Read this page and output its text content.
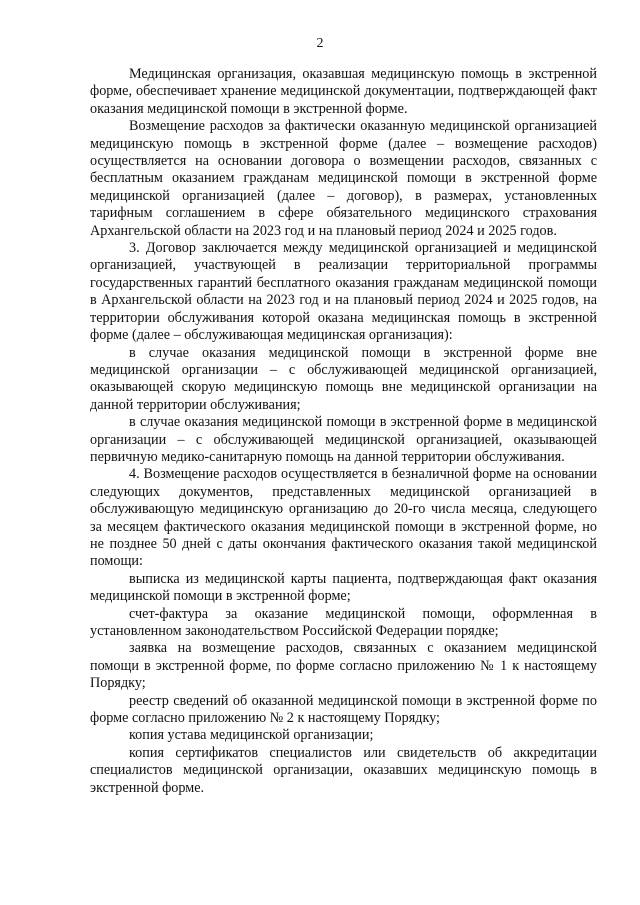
2

Медицинская организация, оказавшая медицинскую помощь в экстренной форме, обеспечивает хранение медицинской документации, подтверждающей факт оказания медицинской помощи в экстренной форме.

Возмещение расходов за фактически оказанную медицинской организацией медицинскую помощь в экстренной форме (далее – возмещение расходов) осуществляется на основании договора о возмещении расходов, связанных с бесплатным оказанием гражданам медицинской помощи в экстренной форме медицинской организацией (далее – договор), в размерах, установленных тарифным соглашением в сфере обязательного медицинского страхования Архангельской области на 2023 год и на плановый период 2024 и 2025 годов.

3. Договор заключается между медицинской организацией и медицинской организацией, участвующей в реализации территориальной программы государственных гарантий бесплатного оказания гражданам медицинской помощи в Архангельской области на 2023 год и на плановый период 2024 и 2025 годов, на территории обслуживания которой оказана медицинская помощь в экстренной форме (далее – обслуживающая медицинская организация):

в случае оказания медицинской помощи в экстренной форме вне медицинской организации – с обслуживающей медицинской организацией, оказывающей скорую медицинскую помощь вне медицинской организации на данной территории обслуживания;

в случае оказания медицинской помощи в экстренной форме в медицинской организации – с обслуживающей медицинской организацией, оказывающей первичную медико-санитарную помощь на данной территории обслуживания.

4. Возмещение расходов осуществляется в безналичной форме на основании следующих документов, представленных медицинской организацией в обслуживающую медицинскую организацию до 20-го числа месяца, следующего за месяцем фактического оказания медицинской помощи в экстренной форме, но не позднее 50 дней с даты окончания фактического оказания такой медицинской помощи:

выписка из медицинской карты пациента, подтверждающая факт оказания медицинской помощи в экстренной форме;

счет-фактура за оказание медицинской помощи, оформленная в установленном законодательством Российской Федерации порядке;

заявка на возмещение расходов, связанных с оказанием медицинской помощи в экстренной форме, по форме согласно приложению № 1 к настоящему Порядку;

реестр сведений об оказанной медицинской помощи в экстренной форме по форме согласно приложению № 2 к настоящему Порядку;

копия устава медицинской организации;

копия сертификатов специалистов или свидетельств об аккредитации специалистов медицинской организации, оказавших медицинскую помощь в экстренной форме.
